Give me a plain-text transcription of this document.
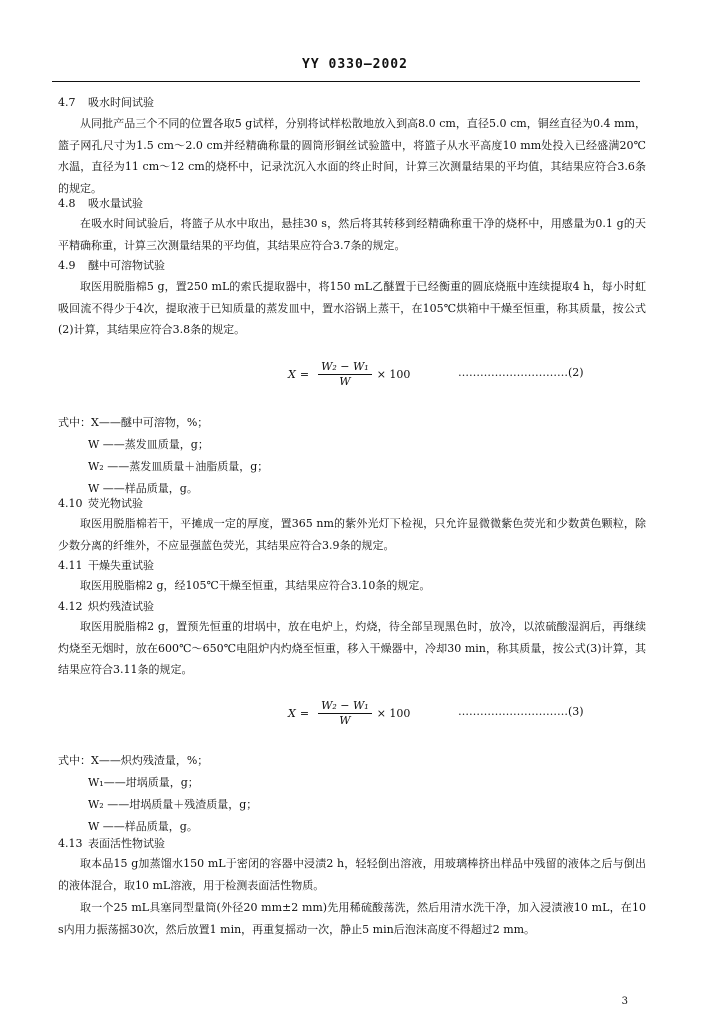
YY 0330—2002
4.7 吸水时间试验
从同批产品三个不同的位置各取5 g试样，分别将试样松散地放入到高8.0 cm，直径5.0 cm，铜丝直径为0.4 mm，篮子网孔尺寸为1.5 cm～2.0 cm并经精确称量的圆筒形铜丝试验篮中，将篮子从水平高度10 mm处投入已经盛满20℃水温，直径为11 cm～12 cm的烧杯中，记录沈沉入水面的终止时间，计算三次测量结果的平均值，其结果应符合3.6条的规定。
4.8 吸水量试验
在吸水时间试验后，将篮子从水中取出，悬挂30 s，然后将其转移到经精确称重干净的烧杯中，用感量为0.1 g的天平精确称重，计算三次测量结果的平均值，其结果应符合3.7条的规定。
4.9 醚中可溶物试验
取医用脱脂棉5 g，置250 mL的索氏提取器中，将150 mL乙醚置于已经衡重的圆底烧瓶中连续提取4 h，每小时虹吸回流不得少于4次，提取液于已知质量的蒸发皿中，置水浴锅上蒸干，在105℃烘箱中干燥至恒重，称其质量，按公式(2)计算，其结果应符合3.8条的规定。
$X = \frac{\text{W₂ − W₁}}{W} \times 100$	…………………………(2)
式中：X——醚中可溶物，%；
W ——蒸发皿质量，g；
W₂ ——蒸发皿质量＋油脂质量，g；
W ——样品质量，g。
4.10 荧光物试验
取医用脱脂棉若干，平摊成一定的厚度，置365 nm的紫外光灯下检视，只允许显微微紫色荧光和少数黄色颗粒，除少数分离的纤维外，不应显强蓝色荧光，其结果应符合3.9条的规定。
4.11 干燥失重试验
取医用脱脂棉2 g，经105℃干燥至恒重，其结果应符合3.10条的规定。
4.12 炽灼残渣试验
取医用脱脂棉2 g，置预先恒重的坩埚中，放在电炉上，灼烧，待全部呈现黑色时，放冷，以浓硫酸湿润后，再继续灼烧至无烟时，放在600℃～650℃电阻炉内灼烧至恒重，移入干燥器中，冷却30 min，称其质量，按公式(3)计算，其结果应符合3.11条的规定。
$X = \frac{\text{W₂ − W₁}}{W} \times 100$	…………………………(3)
式中：X——炽灼残渣量，%；
W₁——坩埚质量，g；
W₂ ——坩埚质量＋残渣质量，g；
W ——样品质量，g。
4.13 表面活性物试验
取本品15 g加蒸馏水150 mL于密闭的容器中浸渍2 h，轻轻倒出溶液，用玻璃棒挤出样品中残留的液体之后与倒出的液体混合，取10 mL溶液，用于检测表面活性物质。
取一个25 mL具塞同型量筒(外径20 mm±2 mm)先用稀硫酸荡洗，然后用清水洗干净，加入浸渍液10 mL，在10 s内用力振荡摇30次，然后放置1 min，再重复摇动一次，静止5 min后泡沫高度不得超过2 mm。
3
